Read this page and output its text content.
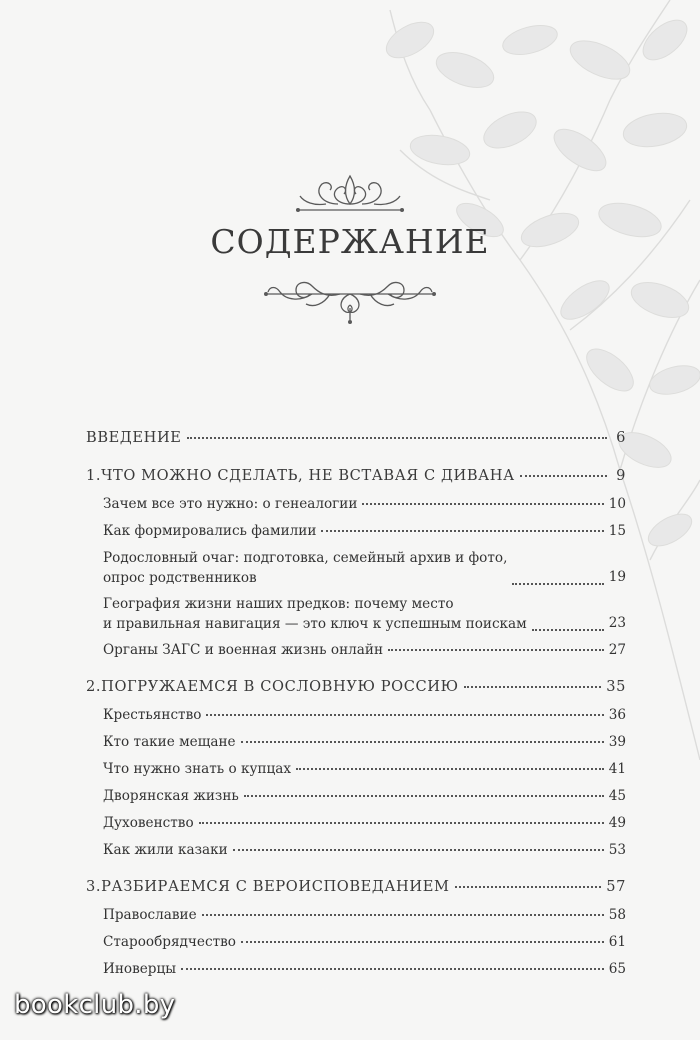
СОДЕРЖАНИЕ
ВВЕДЕНИЕ	6
1.ЧТО МОЖНО СДЕЛАТЬ, НЕ ВСТАВАЯ С ДИВАНА	9
Зачем все это нужно: о генеалогии	10
Как формировались фамилии	15
Родословный очаг: подготовка, семейный архив и фото,
опрос родственников	19
География жизни наших предков: почему место
и правильная навигация — это ключ к успешным поискам	23
Органы ЗАГС и военная жизнь онлайн	27
2.ПОГРУЖАЕМСЯ В СОСЛОВНУЮ РОССИЮ	35
Крестьянство	36
Кто такие мещане	39
Что нужно знать о купцах	41
Дворянская жизнь	45
Духовенство	49
Как жили казаки	53
3.РАЗБИРАЕМСЯ С ВЕРОИСПОВЕДАНИЕМ	57
Православие	58
Старообрядчество	61
Иноверцы	65
bookclub.by
